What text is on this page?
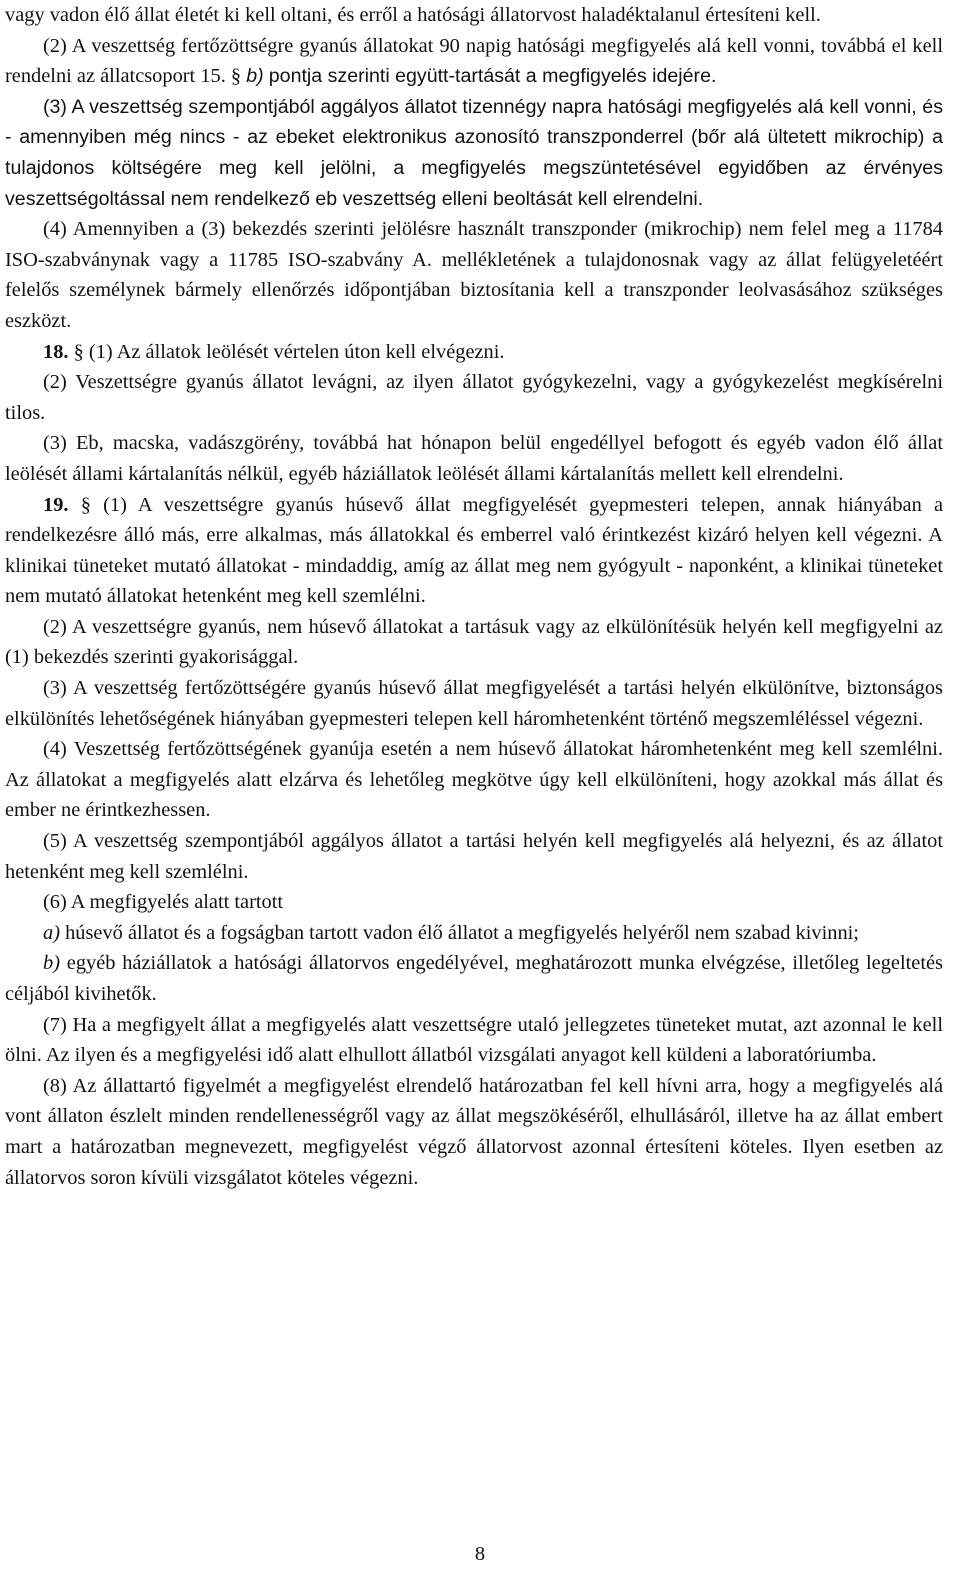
vagy vadon élő állat életét ki kell oltani, és erről a hatósági állatorvost haladéktalanul értesíteni kell.

(2) A veszettség fertőzöttségre gyanús állatokat 90 napig hatósági megfigyelés alá kell vonni, továbbá el kell rendelni az állatcsoport 15. § b) pontja szerinti együtt-tartását a megfigyelés idejére.

(3) A veszettség szempontjából aggályos állatot tizennégy napra hatósági megfigyelés alá kell vonni, és - amennyiben még nincs - az ebeket elektronikus azonosító transzponderrel (bőr alá ültetett mikrochip) a tulajdonos költségére meg kell jelölni, a megfigyelés megszüntetésével egyidőben az érvényes veszettségoltással nem rendelkező eb veszettség elleni beoltását kell elrendelni.

(4) Amennyiben a (3) bekezdés szerinti jelölésre használt transzponder (mikrochip) nem felel meg a 11784 ISO-szabványnak vagy a 11785 ISO-szabvány A. mellékletének a tulajdonosnak vagy az állat felügyeletéért felelős személynek bármely ellenőrzés időpontjában biztosítania kell a transzponder leolvasásához szükséges eszközt.

18. § (1) Az állatok leölését vértelen úton kell elvégezni.

(2) Veszettségre gyanús állatot levágni, az ilyen állatot gyógykezelni, vagy a gyógykezelést megkísérelni tilos.

(3) Eb, macska, vadászgörény, továbbá hat hónapon belül engedéllyel befogott és egyéb vadon élő állat leölését állami kártalanítás nélkül, egyéb háziállatok leölését állami kártalanítás mellett kell elrendelni.

19. § (1) A veszettségre gyanús húsevő állat megfigyelését gyepmesteri telepen, annak hiányában a rendelkezésre álló más, erre alkalmas, más állatokkal és emberrel való érintkezést kizáró helyen kell végezni. A klinikai tüneteket mutató állatokat - mindaddig, amíg az állat meg nem gyógyult - naponként, a klinikai tüneteket nem mutató állatokat hetenként meg kell szemlélni.

(2) A veszettségre gyanús, nem húsevő állatokat a tartásuk vagy az elkülönítésük helyén kell megfigyelni az (1) bekezdés szerinti gyakorisággal.

(3) A veszettség fertőzöttségére gyanús húsevő állat megfigyelését a tartási helyén elkülönítve, biztonságos elkülönítés lehetőségének hiányában gyepmesteri telepen kell háromhetenként történő megszemléléssel végezni.

(4) Veszettség fertőzöttségének gyanúja esetén a nem húsevő állatokat háromhetenként meg kell szemlélni. Az állatokat a megfigyelés alatt elzárva és lehetőleg megkötve úgy kell elkülöníteni, hogy azokkal más állat és ember ne érintkezhessen.

(5) A veszettség szempontjából aggályos állatot a tartási helyén kell megfigyelés alá helyezni, és az állatot hetenként meg kell szemlélni.

(6) A megfigyelés alatt tartott

a) húsevő állatot és a fogságban tartott vadon élő állatot a megfigyelés helyéről nem szabad kivinni;

b) egyéb háziállatok a hatósági állatorvos engedélyével, meghatározott munka elvégzése, illetőleg legeltetés céljából kivihetők.

(7) Ha a megfigyelt állat a megfigyelés alatt veszettségre utaló jellegzetes tüneteket mutat, azt azonnal le kell ölni. Az ilyen és a megfigyelési idő alatt elhullott állatból vizsgálati anyagot kell küldeni a laboratóriumba.

(8) Az állattartó figyelmét a megfigyelést elrendelő határozatban fel kell hívni arra, hogy a megfigyelés alá vont állaton észlelt minden rendellenességről vagy az állat megszökéséről, elhullásáról, illetve ha az állat embert mart a határozatban megnevezett, megfigyelést végző állatorvost azonnal értesíteni köteles. Ilyen esetben az állatorvos soron kívüli vizsgálatot köteles végezni.

8
